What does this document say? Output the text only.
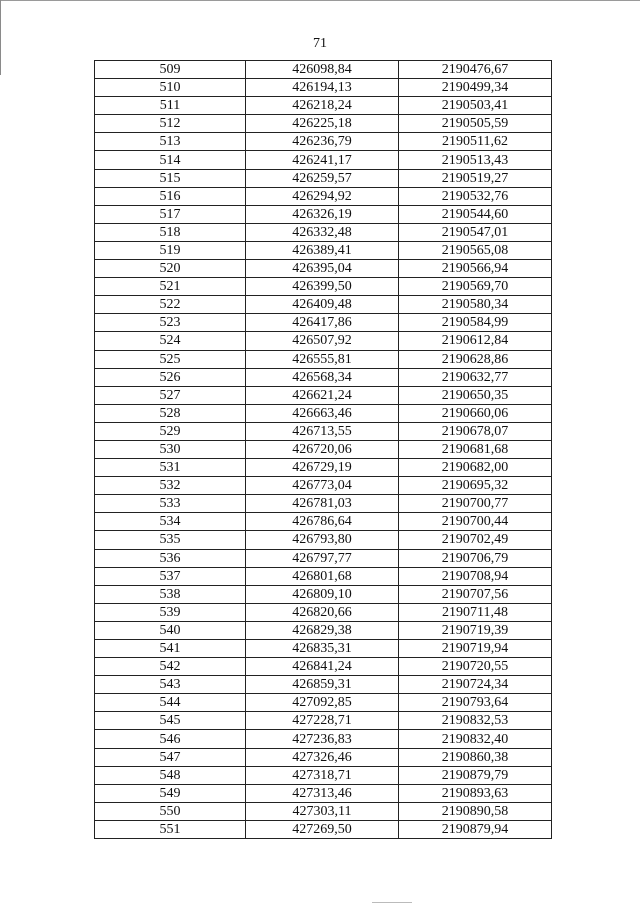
71
509	426098,84	2190476,67
510	426194,13	2190499,34
511	426218,24	2190503,41
512	426225,18	2190505,59
513	426236,79	2190511,62
514	426241,17	2190513,43
515	426259,57	2190519,27
516	426294,92	2190532,76
517	426326,19	2190544,60
518	426332,48	2190547,01
519	426389,41	2190565,08
520	426395,04	2190566,94
521	426399,50	2190569,70
522	426409,48	2190580,34
523	426417,86	2190584,99
524	426507,92	2190612,84
525	426555,81	2190628,86
526	426568,34	2190632,77
527	426621,24	2190650,35
528	426663,46	2190660,06
529	426713,55	2190678,07
530	426720,06	2190681,68
531	426729,19	2190682,00
532	426773,04	2190695,32
533	426781,03	2190700,77
534	426786,64	2190700,44
535	426793,80	2190702,49
536	426797,77	2190706,79
537	426801,68	2190708,94
538	426809,10	2190707,56
539	426820,66	2190711,48
540	426829,38	2190719,39
541	426835,31	2190719,94
542	426841,24	2190720,55
543	426859,31	2190724,34
544	427092,85	2190793,64
545	427228,71	2190832,53
546	427236,83	2190832,40
547	427326,46	2190860,38
548	427318,71	2190879,79
549	427313,46	2190893,63
550	427303,11	2190890,58
551	427269,50	2190879,94
